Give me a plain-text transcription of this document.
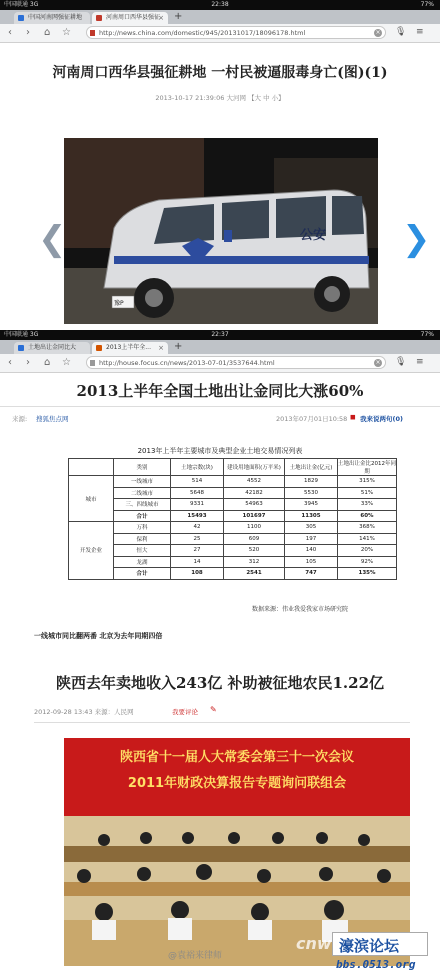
中国联通 3G	22:38	77%
中国河南网强征耕地	河南周口西华县强征
× +
‹ › ⌂ ☆	http://news.china.com/domestic/945/20131017/18096178.html	× 🎙 ≡
河南周口西华县强征耕地 一村民被逼服毒身亡(图)(1)
2013-10-17 21:39:06 大河网 【大 中 小】
公安
豫P
❮	❯
中国联通 3G	22:37	77%
土地出让金同比大	2013上半年全... × +
‹ › ⌂ ☆	http://house.focus.cn/news/2013-07-01/3537644.html	× 🎙 ≡
2013上半年全国土地出让金同比大涨60%
来源: 搜狐焦点网	2013年07月01日10:58 ◼ 我来说两句(0)
2013年上半年主要城市及典型企业土地交易情况列表
	类别	土地宗数(块)	建设用地面积(万平米)	土地出让金(亿元)	土地出让金比2012年同期
城市	一线城市	514	4552	1829	315%
	二线城市	5648	42182	5530	51%
	三、四线城市	9331	54963	3945	33%
	合计	15493	101697	11305	60%
开发企业	万科	42	1100	305	368%
	保利	25	609	197	141%
	恒大	27	520	140	20%
	龙湖	14	312	105	92%
	合计	108	2541	747	135%
数据来源：伟业我爱我家市场研究院
一线城市同比翻两番 北京为去年同期四倍
陕西去年卖地收入243亿 补助被征地农民1.22亿
2012-09-28 13:43 来源：人民网	我要评论 ✎
陕西省十一届人大常委会第三十一次会议
2011年财政决算报告专题询问联组会
cnw
@袁裕来律师
濠滨论坛
bbs.0513.org
